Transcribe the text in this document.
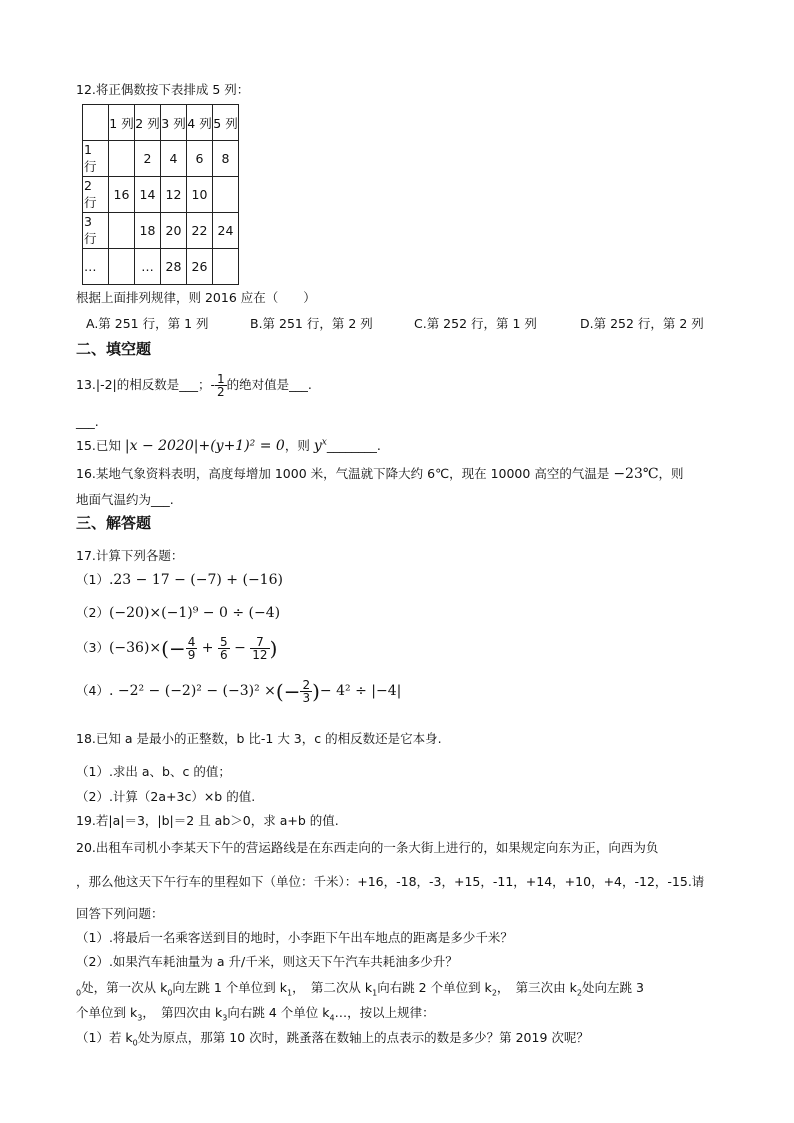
12.将正偶数按下表排成 5 列：
	1 列	2 列	3 列	4 列	5 列
1 行		2	4	6	8
2 行	16	14	12	10	
3 行		18	20	22	24
…		…	28	26	
根据上面排列规律，则 2016 应在（　　）
A.第 251 行，第 1 列	B.第 251 行，第 2 列	C.第 252 行，第 1 列	D.第 252 行，第 2 列
二、填空题
13.|-2|的相反数是___；- $\frac{1}{2}$ 的绝对值是___.
___.
15.已知 |x − 2020|+(y+1)² = 0，则 $y^x\_\_\_\_\_\_\_\_$.
16.某地气象资料表明，高度每增加 1000 米，气温就下降大约 6℃，现在 10000 高空的气温是 −23℃，则
地面气温约为___.
三、解答题
17.计算下列各题：
（1）.23 − 17 − (−7) + (−16)
（2）(−20)×(−1)⁹ − 0 ÷ (−4)
$(3)(-36)\times(- \frac{4}{9} + \frac{5}{6} - \frac{7}{12}$ )
（4）. −2² − (−2)² − (−3)² ×(− $\frac{2}{3}$ )− 4² ÷ |−4|
18.已知 a 是最小的正整数，b 比-1 大 3，c 的相反数还是它本身.
（1）.求出 a、b、c 的值；
（2）.计算（2a+3c）×b 的值.
19.若|a|＝3，|b|＝2 且 ab＞0，求 a+b 的值.
20.出租车司机小李某天下午的营运路线是在东西走向的一条大街上进行的，如果规定向东为正，向西为负
，那么他这天下午行车的里程如下（单位：千米）：+16，-18，-3，+15，-11，+14，+10，+4，-12，-15.请
回答下列问题：
（1）.将最后一名乘客送到目的地时，小李距下午出车地点的距离是多少千米？
（2）.如果汽车耗油量为 a 升/千米，则这天下午汽车共耗油多少升？
$_0$处，第一次从 $k_0$向左跳 1 个单位到 $k_1$，　第二次从 $k_1$向右跳 2 个单位到 $k_2$，　第三次由 $k_2$处向左跳 3
个单位到 $k_3$，　第四次由 $k_3$向右跳 4 个单位 $k_4\dots$，按以上规律：
（1）若 $k_0$处为原点，那第 10 次时，跳蚤落在数轴上的点表示的数是多少？第 2019 次呢？
